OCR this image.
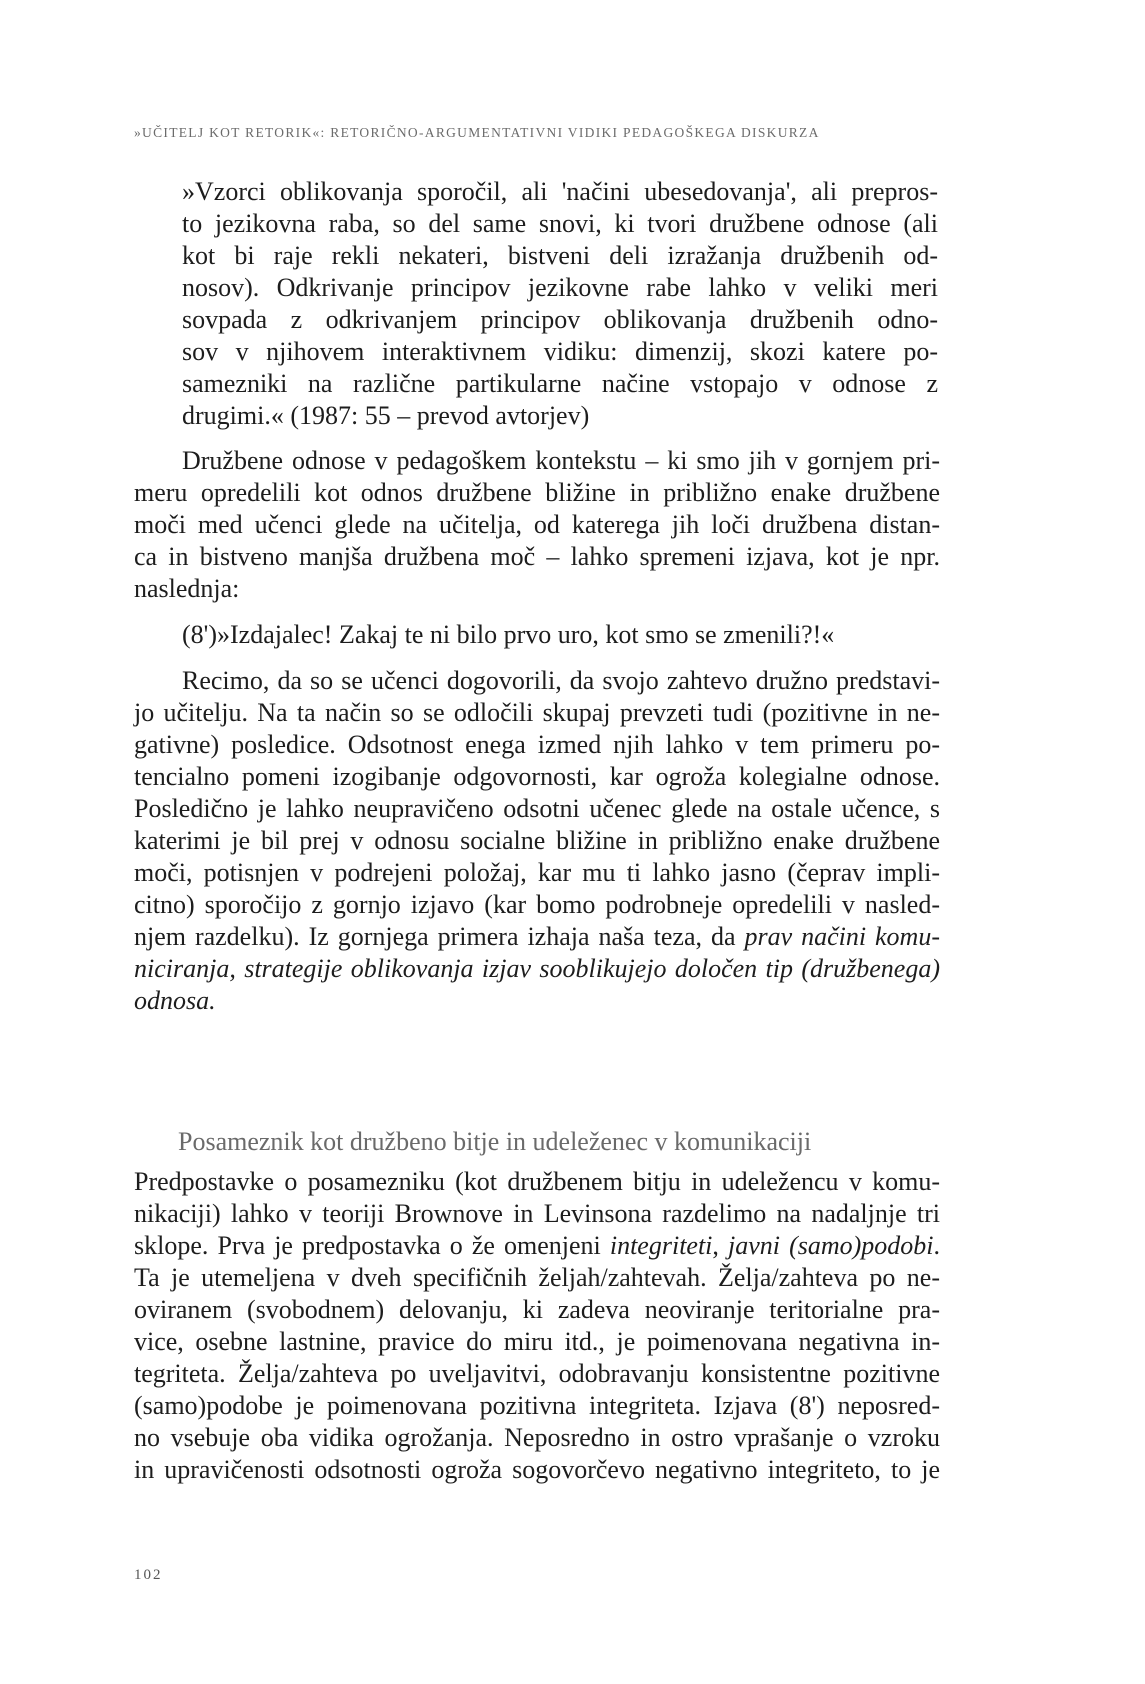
»UČITELJ KOT RETORIK«: RETORIČNO-ARGUMENTATIVNI VIDIKI PEDAGOŠKEGA DISKURZA
»Vzorci oblikovanja sporočil, ali 'načini ubesedovanja', ali prepros-
to jezikovna raba, so del same snovi, ki tvori družbene odnose (ali
kot bi raje rekli nekateri, bistveni deli izražanja družbenih od-
nosov). Odkrivanje principov jezikovne rabe lahko v veliki meri
sovpada z odkrivanjem principov oblikovanja družbenih odno-
sov v njihovem interaktivnem vidiku: dimenzij, skozi katere po-
samezniki na različne partikularne načine vstopajo v odnose z
drugimi.« (1987: 55 – prevod avtorjev)
Družbene odnose v pedagoškem kontekstu – ki smo jih v gornjem pri-
meru opredelili kot odnos družbene bližine in približno enake družbene
moči med učenci glede na učitelja, od katerega jih loči družbena distan-
ca in bistveno manjša družbena moč – lahko spremeni izjava, kot je npr.
naslednja:
(8')»Izdajalec! Zakaj te ni bilo prvo uro, kot smo se zmenili?!«
Recimo, da so se učenci dogovorili, da svojo zahtevo družno predstavi-
jo učitelju. Na ta način so se odločili skupaj prevzeti tudi (pozitivne in ne-
gativne) posledice. Odsotnost enega izmed njih lahko v tem primeru po-
tencialno pomeni izogibanje odgovornosti, kar ogroža kolegialne odnose.
Posledično je lahko neupravičeno odsotni učenec glede na ostale učence, s
katerimi je bil prej v odnosu socialne bližine in približno enake družbene
moči, potisnjen v podrejeni položaj, kar mu ti lahko jasno (čeprav impli-
citno) sporočijo z gornjo izjavo (kar bomo podrobneje opredelili v nasled-
njem razdelku). Iz gornjega primera izhaja naša teza, da prav načini komu-
niciranja, strategije oblikovanja izjav sooblikujejo določen tip (družbenega)
odnosa.
Posameznik kot družbeno bitje in udeleženec v komunikaciji
Predpostavke o posamezniku (kot družbenem bitju in udeležencu v komu-
nikaciji) lahko v teoriji Brownove in Levinsona razdelimo na nadaljnje tri
sklope. Prva je predpostavka o že omenjeni integriteti, javni (samo)podobi.
Ta je utemeljena v dveh specifičnih željah/zahtevah. Želja/zahteva po ne-
oviranem (svobodnem) delovanju, ki zadeva neoviranje teritorialne pra-
vice, osebne lastnine, pravice do miru itd., je poimenovana negativna in-
tegriteta. Želja/zahteva po uveljavitvi, odobravanju konsistentne pozitivne
(samo)podobe je poimenovana pozitivna integriteta. Izjava (8') neposred-
no vsebuje oba vidika ogrožanja. Neposredno in ostro vprašanje o vzroku
in upravičenosti odsotnosti ogroža sogovorčevo negativno integriteto, to je
102
